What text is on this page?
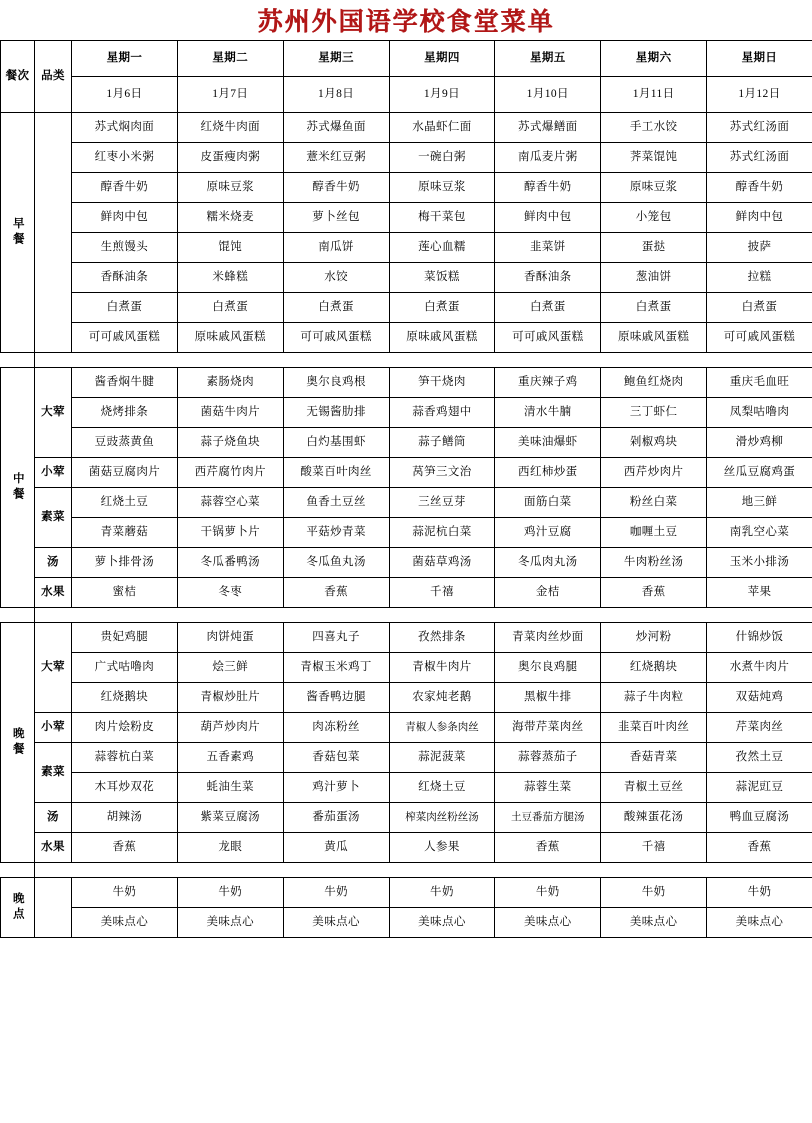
苏州外国语学校食堂菜单
餐次	品类	星期一	星期二	星期三	星期四	星期五	星期六	星期日
		1月6日	1月7日	1月8日	1月9日	1月10日	1月11日	1月12日

早餐		苏式焖肉面	红烧牛肉面	苏式爆鱼面	水晶虾仁面	苏式爆鳝面	手工水饺	苏式红汤面
		红枣小米粥	皮蛋瘦肉粥	薏米红豆粥	一碗白粥	南瓜麦片粥	荠菜馄饨	苏式红汤面
		醇香牛奶	原味豆浆	醇香牛奶	原味豆浆	醇香牛奶	原味豆浆	醇香牛奶
		鲜肉中包	糯米烧麦	萝卜丝包	梅干菜包	鲜肉中包	小笼包	鲜肉中包
		生煎馒头	馄饨	南瓜饼	莲心血糯	韭菜饼	蛋挞	披萨
		香酥油条	米蜂糕	水饺	菜饭糕	香酥油条	葱油饼	拉糕
		白煮蛋	白煮蛋	白煮蛋	白煮蛋	白煮蛋	白煮蛋	白煮蛋
		可可戚风蛋糕	原味戚风蛋糕	可可戚风蛋糕	原味戚风蛋糕	可可戚风蛋糕	原味戚风蛋糕	可可戚风蛋糕

中餐	大荤	酱香焖牛腱	素肠烧肉	奥尔良鸡根	笋干烧肉	重庆辣子鸡	鲍鱼红烧肉	重庆毛血旺
		烧烤排条	菌菇牛肉片	无锡酱肋排	蒜香鸡翅中	清水牛腩	三丁虾仁	凤梨咕噜肉
		豆豉蒸黄鱼	蒜子烧鱼块	白灼基围虾	蒜子鳝筒	美味油爆虾	剁椒鸡块	滑炒鸡柳
	小荤	菌菇豆腐肉片	西芹腐竹肉片	酸菜百叶肉丝	莴笋三文治	西红柿炒蛋	西芹炒肉片	丝瓜豆腐鸡蛋
	素菜	红烧土豆	蒜蓉空心菜	鱼香土豆丝	三丝豆芽	面筋白菜	粉丝白菜	地三鲜
		青菜蘑菇	干锅萝卜片	平菇炒青菜	蒜泥杭白菜	鸡汁豆腐	咖喱土豆	南乳空心菜
	汤	萝卜排骨汤	冬瓜番鸭汤	冬瓜鱼丸汤	菌菇草鸡汤	冬瓜肉丸汤	牛肉粉丝汤	玉米小排汤
	水果	蜜桔	冬枣	香蕉	千禧	金桔	香蕉	苹果

晚餐	大荤	贵妃鸡腿	肉饼炖蛋	四喜丸子	孜然排条	青菜肉丝炒面	炒河粉	什锦炒饭
		广式咕噜肉	烩三鲜	青椒玉米鸡丁	青椒牛肉片	奥尔良鸡腿	红烧鹅块	水煮牛肉片
		红烧鹅块	青椒炒肚片	酱香鸭边腿	农家炖老鹅	黑椒牛排	蒜子牛肉粒	双菇炖鸡
	小荤	肉片烩粉皮	葫芦炒肉片	肉冻粉丝	青椒人参条肉丝	海带芹菜肉丝	韭菜百叶肉丝	芹菜肉丝
	素菜	蒜蓉杭白菜	五香素鸡	香菇包菜	蒜泥菠菜	蒜蓉蒸茄子	香菇青菜	孜然土豆
		木耳炒双花	蚝油生菜	鸡汁萝卜	红烧土豆	蒜蓉生菜	青椒土豆丝	蒜泥豇豆
	汤	胡辣汤	紫菜豆腐汤	番茄蛋汤	榨菜肉丝粉丝汤	土豆番茄方腿汤	酸辣蛋花汤	鸭血豆腐汤
	水果	香蕉	龙眼	黄瓜	人参果	香蕉	千禧	香蕉

晚点		牛奶	牛奶	牛奶	牛奶	牛奶	牛奶	牛奶
		美味点心	美味点心	美味点心	美味点心	美味点心	美味点心	美味点心
